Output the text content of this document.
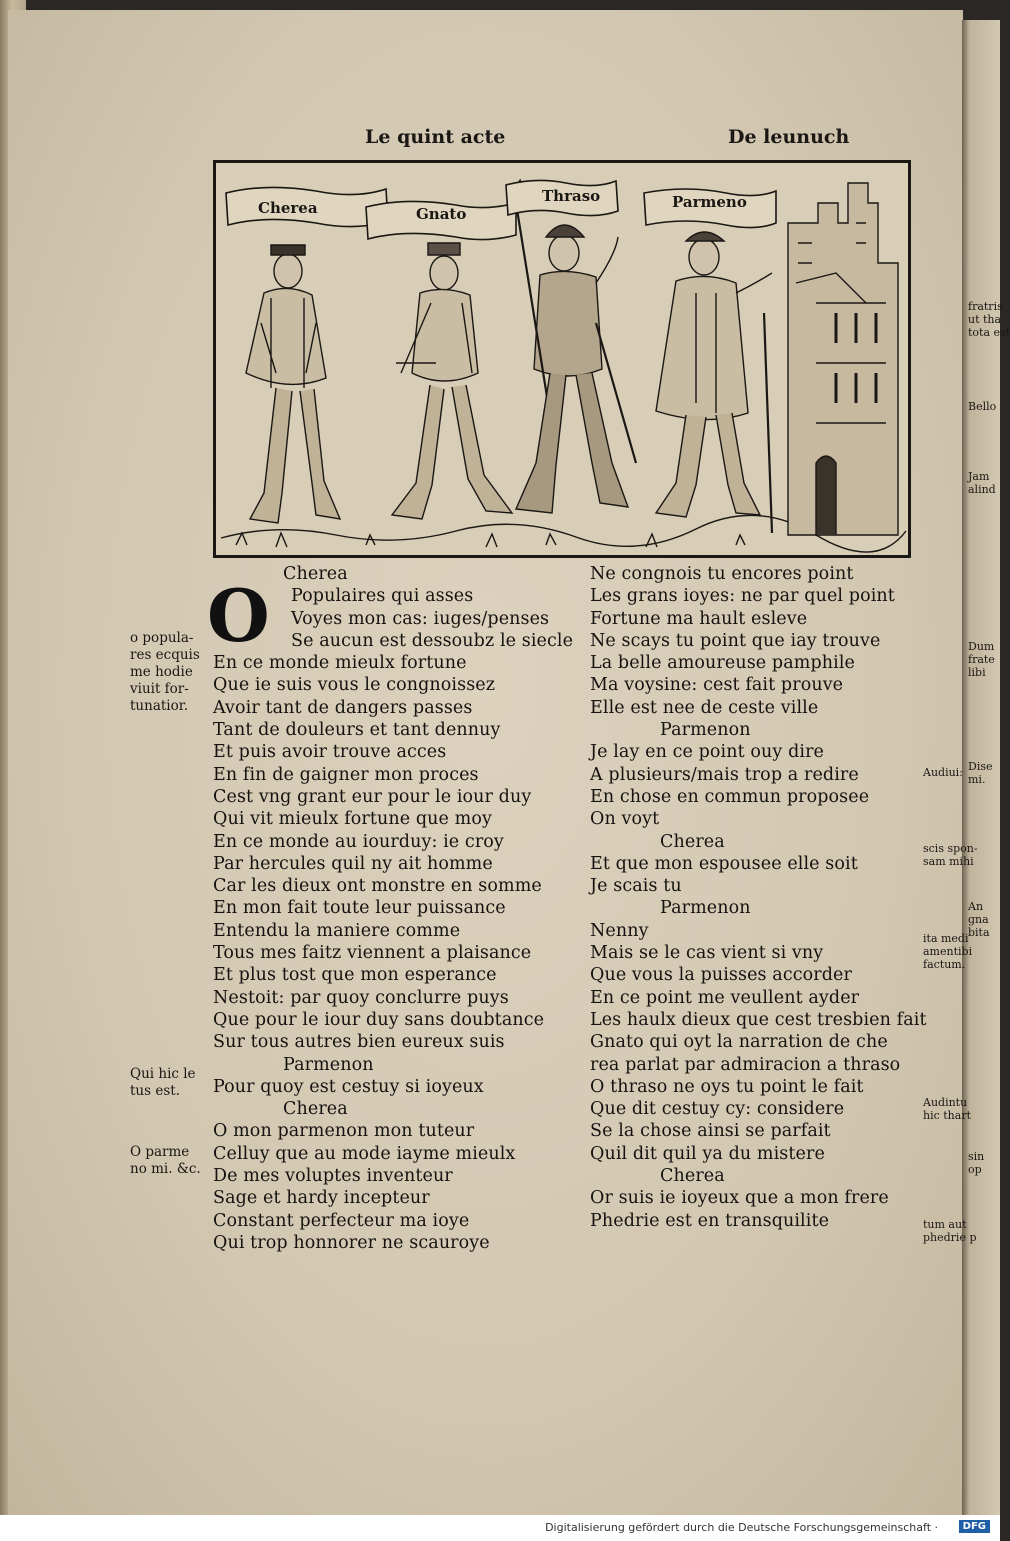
fratris
ut tha
tota est
Bello
Jam
alind
Dum
frate
libi
Dise
mi.
An
gna
bita
sin
op
Le quint acte	De leunuch
Cherea	Gnato
Thraso	Parmeno
O Cherea
Populaires qui asses
Voyes mon cas: iuges/penses
Se aucun est dessoubz le siecle
En ce monde mieulx fortune
Que ie suis vous le congnoissez
Avoir tant de dangers passes
Tant de douleurs et tant dennuy
Et puis avoir trouve acces
En fin de gaigner mon proces
Cest vng grant eur pour le iour duy
Qui vit mieulx fortune que moy
En ce monde au iourduy: ie croy
Par hercules quil ny ait homme
Car les dieux ont monstre en somme
En mon fait toute leur puissance
Entendu la maniere comme
Tous mes faitz viennent a plaisance
Et plus tost que mon esperance
Nestoit: par quoy conclurre puys
Que pour le iour duy sans doubtance
Sur tous autres bien eureux suis
Parmenon
Pour quoy est cestuy si ioyeux
Cherea
O mon parmenon mon tuteur
Celluy que au mode iayme mieulx
De mes voluptes inventeur
Sage et hardy incepteur
Constant perfecteur ma ioye
Qui trop honnorer ne scauroye
Ne congnois tu encores point
Les grans ioyes: ne par quel point
Fortune ma hault esleve
Ne scays tu point que iay trouve
La belle amoureuse pamphile
Ma voysine: cest fait prouve
Elle est nee de ceste ville
Parmenon
Je lay en ce point ouy dire
A plusieurs/mais trop a redire
En chose en commun proposee
On voyt
Cherea
Et que mon espousee elle soit
Je scais tu
Parmenon
Nenny
Mais se le cas vient si vny
Que vous la puisses accorder
En ce point me veullent ayder
Les haulx dieux que cest tresbien fait
Gnato qui oyt la narration de che
rea parlat par admiracion a thraso
O thraso ne oys tu point le fait
Que dit cestuy cy: considere
Se la chose ainsi se parfait
Quil dit quil ya du mistere
Cherea
Or suis ie ioyeux que a mon frere
Phedrie est en transquilite
o popula-
res ecquis
me hodie
viuit for-
tunatior.
Qui hic le
tus est.
O parme
no mi. &c.
Audiui:
scis spon-
sam mihi
ita medi
amentibi
factum.
Audintu
hic thart
tum aut
phedrie p
Digitalisierung gefördert durch die Deutsche Forschungsgemeinschaft ·	DFG
